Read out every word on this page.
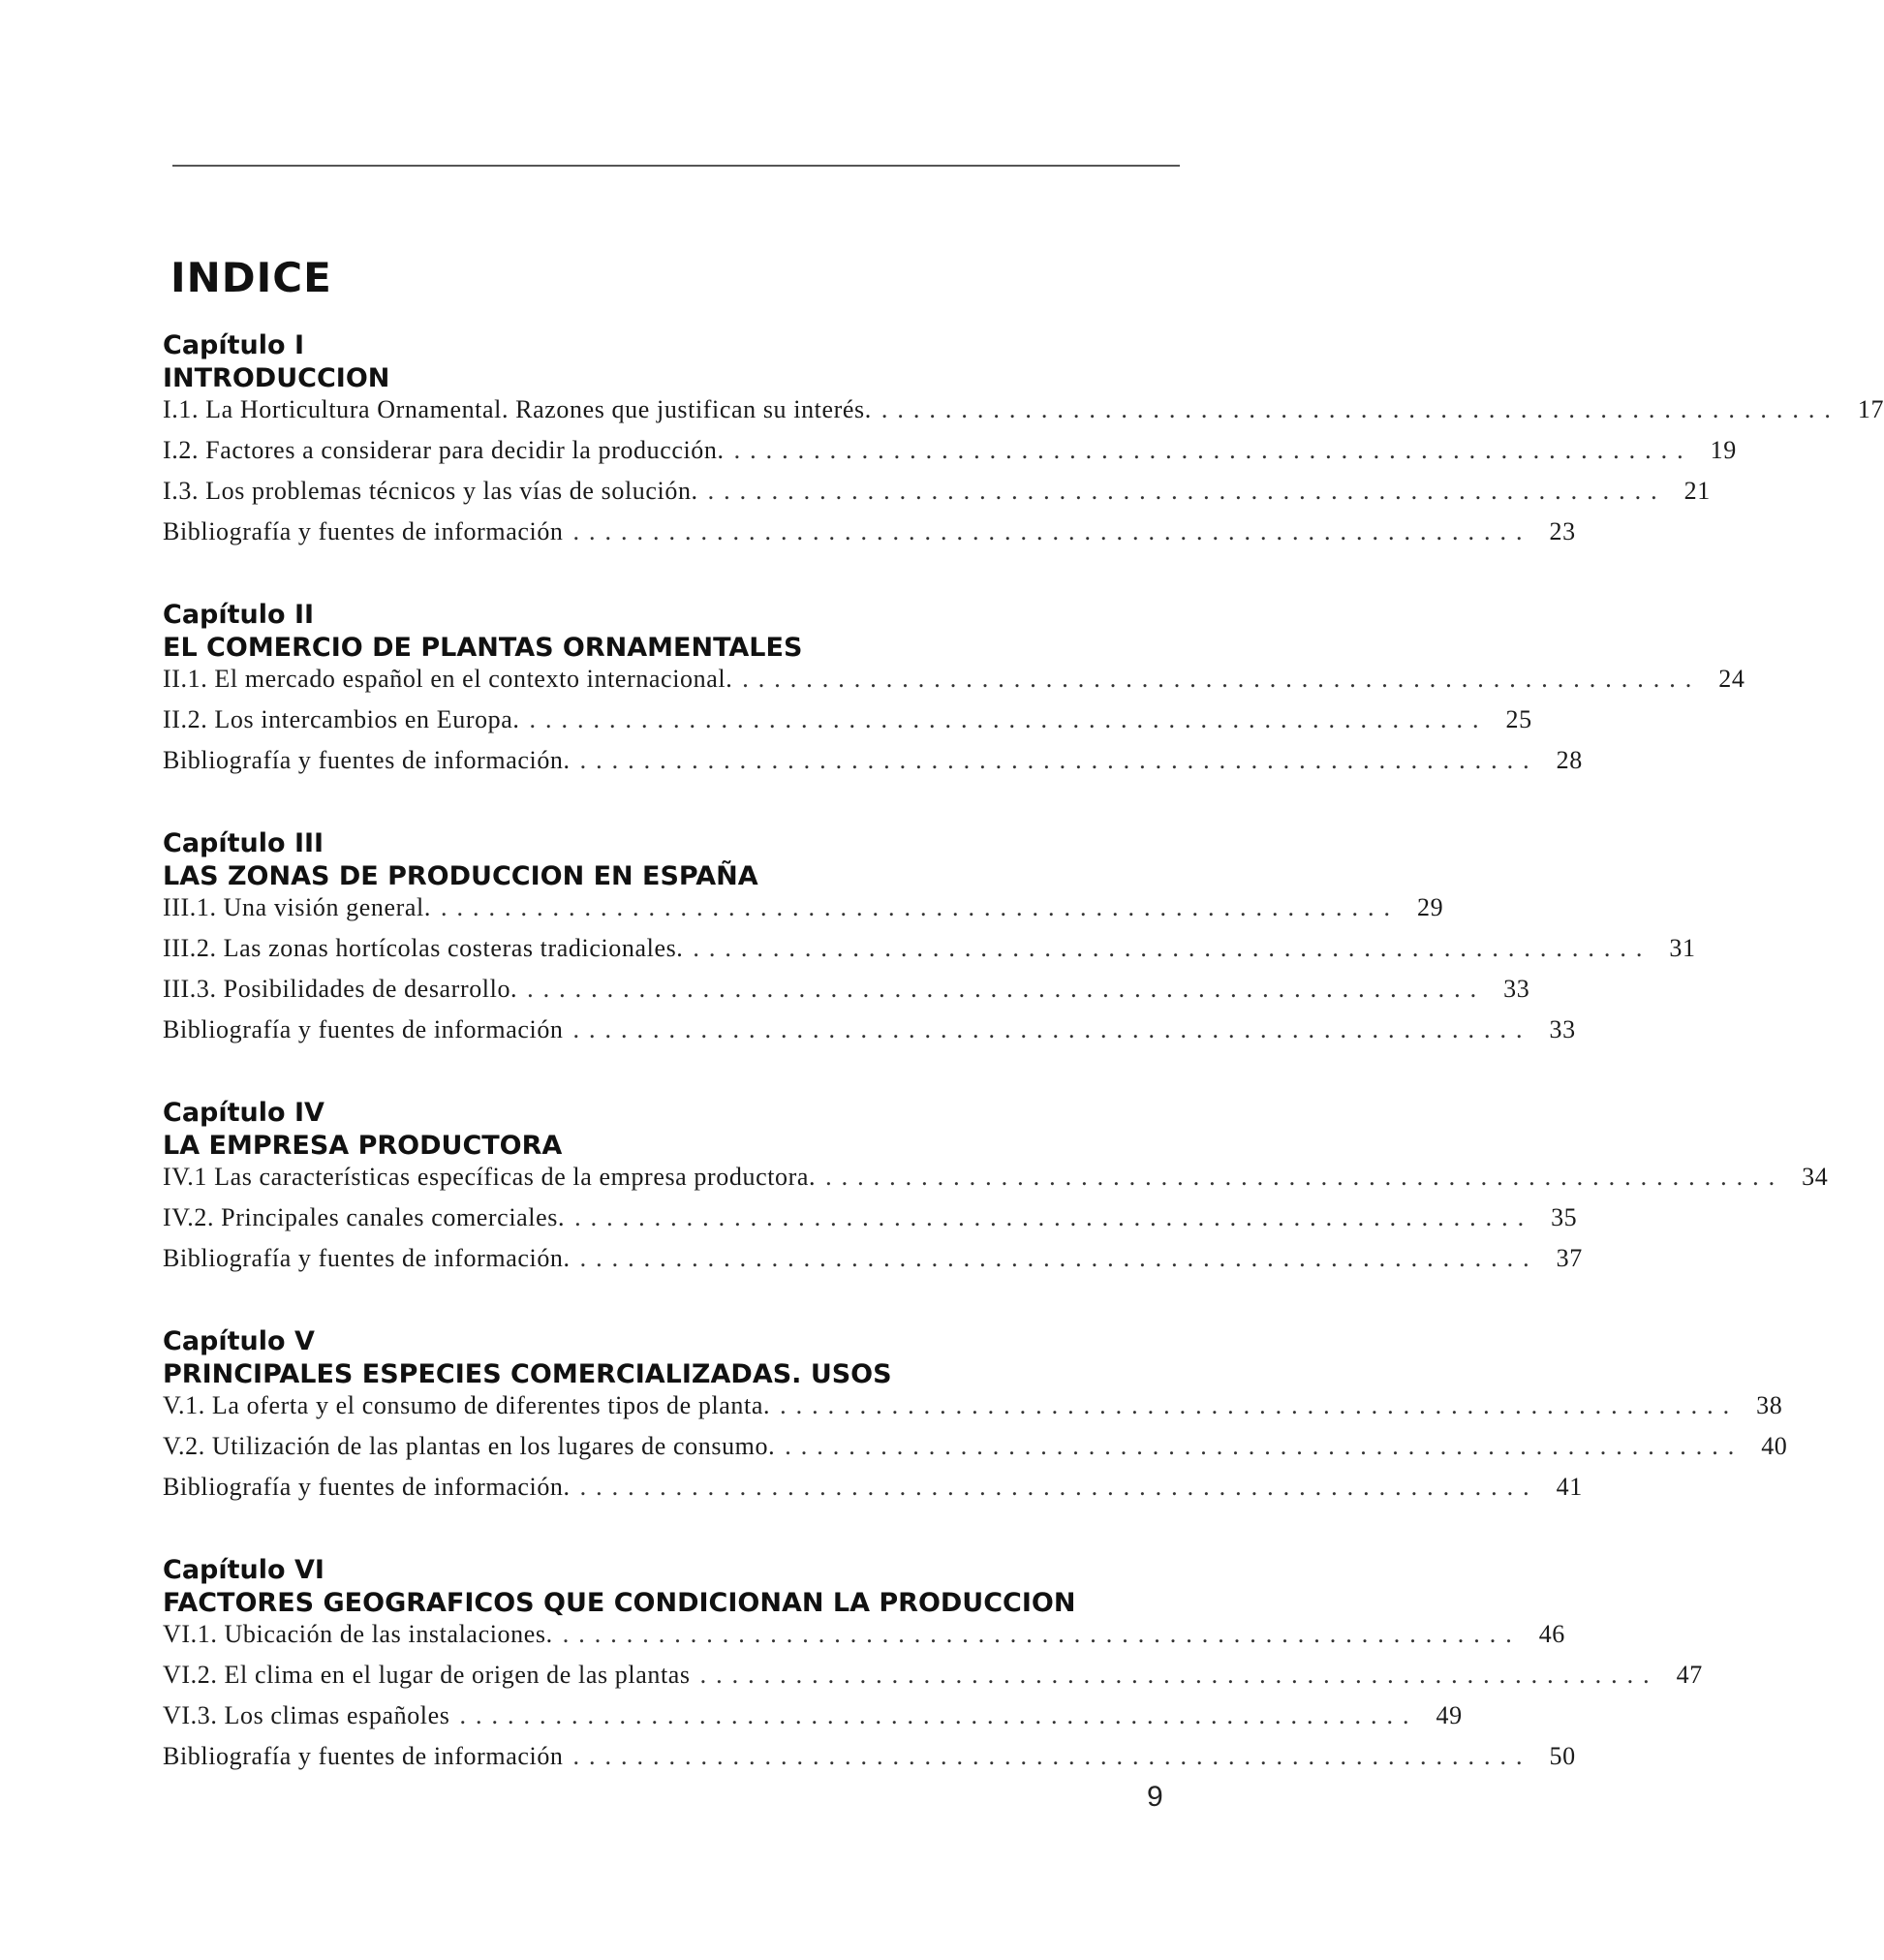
INDICE
Capítulo I
INTRODUCCION
I.1. La Horticultura Ornamental. Razones que justifican su interés. ............................................................ 17
I.2. Factores a considerar para decidir la producción. ............................................................ 19
I.3. Los problemas técnicos y las vías de solución. ............................................................ 21
Bibliografía y fuentes de información ............................................................ 23
Capítulo II
EL COMERCIO DE PLANTAS ORNAMENTALES
II.1. El mercado español en el contexto internacional. ............................................................ 24
II.2. Los intercambios en Europa. ............................................................ 25
Bibliografía y fuentes de información. ............................................................ 28
Capítulo III
LAS ZONAS DE PRODUCCION EN ESPAÑA
III.1. Una visión general. ............................................................ 29
III.2. Las zonas hortícolas costeras tradicionales. ............................................................ 31
III.3. Posibilidades de desarrollo. ............................................................ 33
Bibliografía y fuentes de información ............................................................ 33
Capítulo IV
LA EMPRESA PRODUCTORA
IV.1 Las características específicas de la empresa productora. ............................................................ 34
IV.2. Principales canales comerciales. ............................................................ 35
Bibliografía y fuentes de información. ............................................................ 37
Capítulo V
PRINCIPALES ESPECIES COMERCIALIZADAS. USOS
V.1. La oferta y el consumo de diferentes tipos de planta. ............................................................ 38
V.2. Utilización de las plantas en los lugares de consumo. ............................................................ 40
Bibliografía y fuentes de información. ............................................................ 41
Capítulo VI
FACTORES GEOGRAFICOS QUE CONDICIONAN LA PRODUCCION
VI.1. Ubicación de las instalaciones. ............................................................ 46
VI.2. El clima en el lugar de origen de las plantas ............................................................ 47
VI.3. Los climas españoles ............................................................ 49
Bibliografía y fuentes de información ............................................................ 50
9
